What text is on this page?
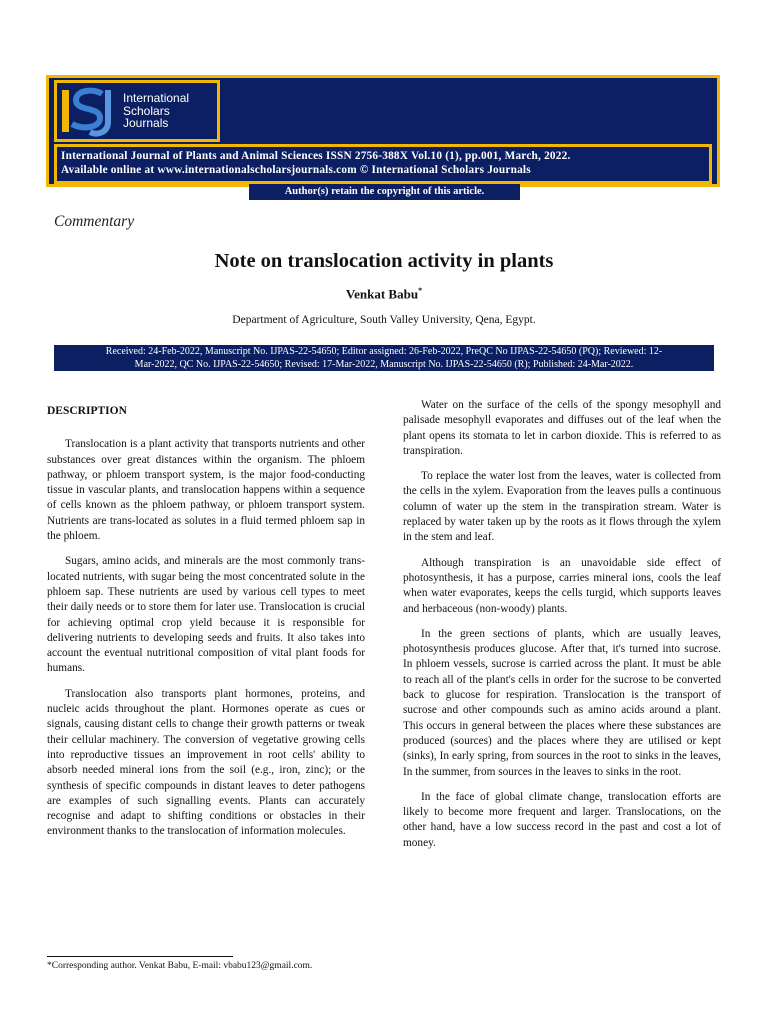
International
Scholars
Journals
International Journal of Plants and Animal Sciences ISSN 2756-388X Vol.10 (1), pp.001, March, 2022.
Available online at www.internationalscholarsjournals.com © International Scholars Journals
Author(s) retain the copyright of this article.
Commentary
Note on translocation activity in plants
Venkat Babu*
Department of Agriculture, South Valley University, Qena, Egypt.
Received: 24-Feb-2022, Manuscript No. IJPAS-22-54650; Editor assigned: 26-Feb-2022, PreQC No IJPAS-22-54650 (PQ); Reviewed: 12-
Mar-2022, QC No. IJPAS-22-54650; Revised: 17-Mar-2022, Manuscript No. IJPAS-22-54650 (R); Published: 24-Mar-2022.
DESCRIPTION

Translocation is a plant activity that transports nutrients and other substances over great distances within the organism. The phloem pathway, or phloem transport system, is the major food-conducting tissue in vascular plants, and translocation happens within a sequence of cells known as the phloem pathway, or phloem transport system. Nutrients are trans-located as solutes in a fluid termed phloem sap in the phloem.

Sugars, amino acids, and minerals are the most commonly trans-located nutrients, with sugar being the most concentrated solute in the phloem sap. These nutrients are used by various cell types to meet their daily needs or to store them for later use. Translocation is crucial for achieving optimal crop yield because it is responsible for delivering nutrients to developing seeds and fruits. It also takes into account the eventual nutritional composition of vital plant foods for humans.

Translocation also transports plant hormones, proteins, and nucleic acids throughout the plant. Hormones operate as cues or signals, causing distant cells to change their growth patterns or tweak their cellular machinery. The conversion of vegetative growing cells into reproductive tissues an improvement in root cells' ability to absorb needed mineral ions from the soil (e.g., iron, zinc); or the synthesis of specific compounds in distant leaves to deter pathogens are examples of such signalling events. Plants can accurately recognise and adapt to shifting conditions or obstacles in their environment thanks to the translocation of information molecules.

Water on the surface of the cells of the spongy mesophyll and palisade mesophyll evaporates and diffuses out of the leaf when the plant opens its stomata to let in carbon dioxide. This is referred to as transpiration.

To replace the water lost from the leaves, water is collected from the cells in the xylem. Evaporation from the leaves pulls a continuous column of water up the stem in the transpiration stream. Water is replaced by water taken up by the roots as it flows through the xylem in the stem and leaf.

Although transpiration is an unavoidable side effect of photosynthesis, it has a purpose, carries mineral ions, cools the leaf when water evaporates, keeps the cells turgid, which supports leaves and herbaceous (non-woody) plants.

In the green sections of plants, which are usually leaves, photosynthesis produces glucose. After that, it's turned into sucrose. In phloem vessels, sucrose is carried across the plant. It must be able to reach all of the plant's cells in order for the sucrose to be converted back to glucose for respiration. Translocation is the transport of sucrose and other compounds such as amino acids around a plant. This occurs in general between the places where these substances are produced (sources) and the places where they are utilised or kept (sinks), In early spring, from sources in the root to sinks in the leaves, In the summer, from sources in the leaves to sinks in the root.

In the face of global climate change, translocation efforts are likely to become more frequent and larger. Translocations, on the other hand, have a low success record in the past and cost a lot of money.

*Corresponding author. Venkat Babu, E-mail: vbabu123@gmail.com.
